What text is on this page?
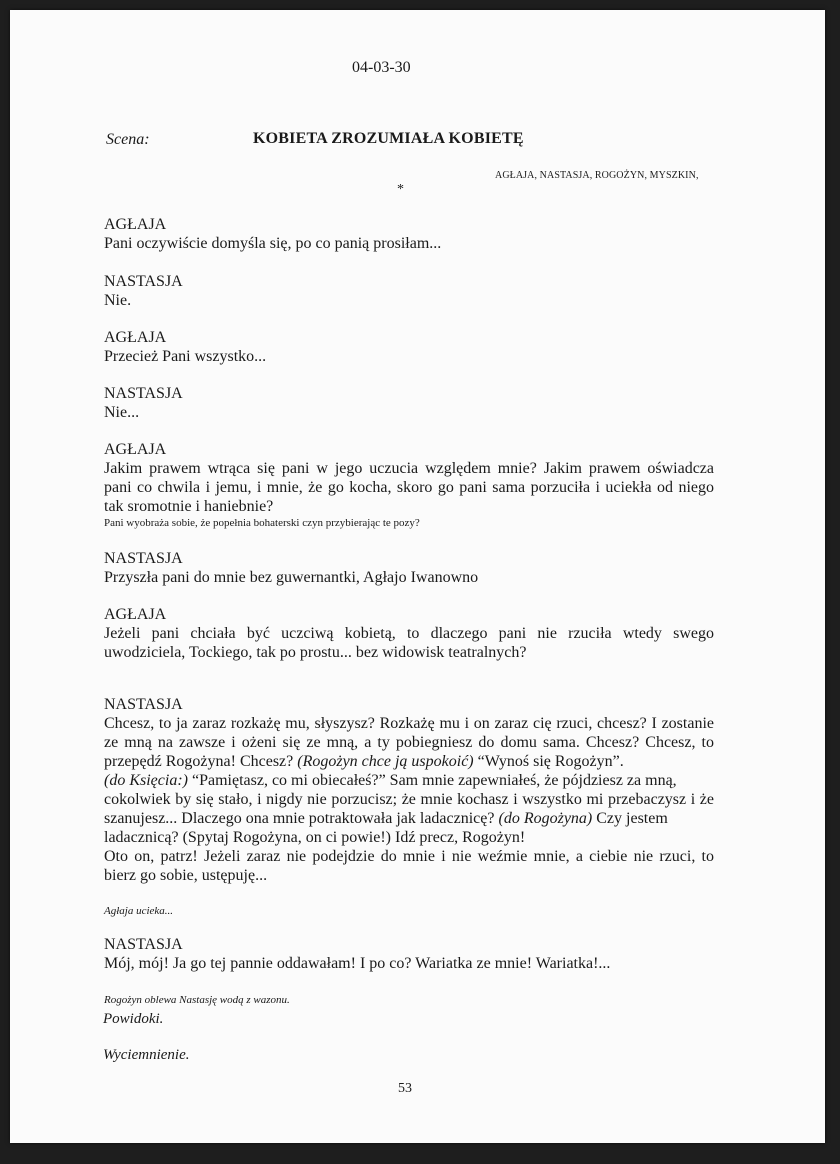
04-03-30
Scena:	KOBIETA ZROZUMIAŁA KOBIETĘ
AGŁAJA, NASTASJA, ROGOŻYN, MYSZKIN,
*
AGŁAJA
Pani oczywiście domyśla się, po co panią prosiłam...
NASTASJA
Nie.
AGŁAJA
Przecież Pani wszystko...
NASTASJA
Nie...
AGŁAJA
Jakim prawem wtrąca się pani w jego uczucia względem mnie? Jakim prawem oświadcza
pani co chwila i jemu, i mnie, że go kocha, skoro go pani sama porzuciła i uciekła od niego
tak sromotnie i haniebnie?
Pani wyobraża sobie, że popełnia bohaterski czyn przybierając te pozy?
NASTASJA
Przyszła pani do mnie bez guwernantki, Agłajo Iwanowno
AGŁAJA
Jeżeli pani chciała być uczciwą kobietą, to dlaczego pani nie rzuciła wtedy swego
uwodziciela, Tockiego, tak po prostu... bez widowisk teatralnych?
NASTASJA
Chcesz, to ja zaraz rozkażę mu, słyszysz? Rozkażę mu i on zaraz cię rzuci, chcesz? I zostanie
ze mną na zawsze i ożeni się ze mną, a ty pobiegniesz do domu sama. Chcesz? Chcesz, to
przepędź Rogożyna! Chcesz? (Rogożyn chce ją uspokoić) “Wynoś się Rogożyn”.
(do Księcia:) “Pamiętasz, co mi obiecałeś?” Sam mnie zapewniałeś, że pójdziesz za mną,
cokolwiek by się stało, i nigdy nie porzucisz; że mnie kochasz i wszystko mi przebaczysz i że
szanujesz... Dlaczego ona mnie potraktowała jak ladacznicę? (do Rogożyna) Czy jestem
ladacznicą? (Spytaj Rogożyna, on ci powie!) Idź precz, Rogożyn!
Oto on, patrz! Jeżeli zaraz nie podejdzie do mnie i nie weźmie mnie, a ciebie nie rzuci, to
bierz go sobie, ustępuję...
Agłaja ucieka...
NASTASJA
Mój, mój! Ja go tej pannie oddawałam! I po co? Wariatka ze mnie! Wariatka!...
Rogożyn oblewa Nastasję wodą z wazonu.
Powidoki.
Wyciemnienie.
53
